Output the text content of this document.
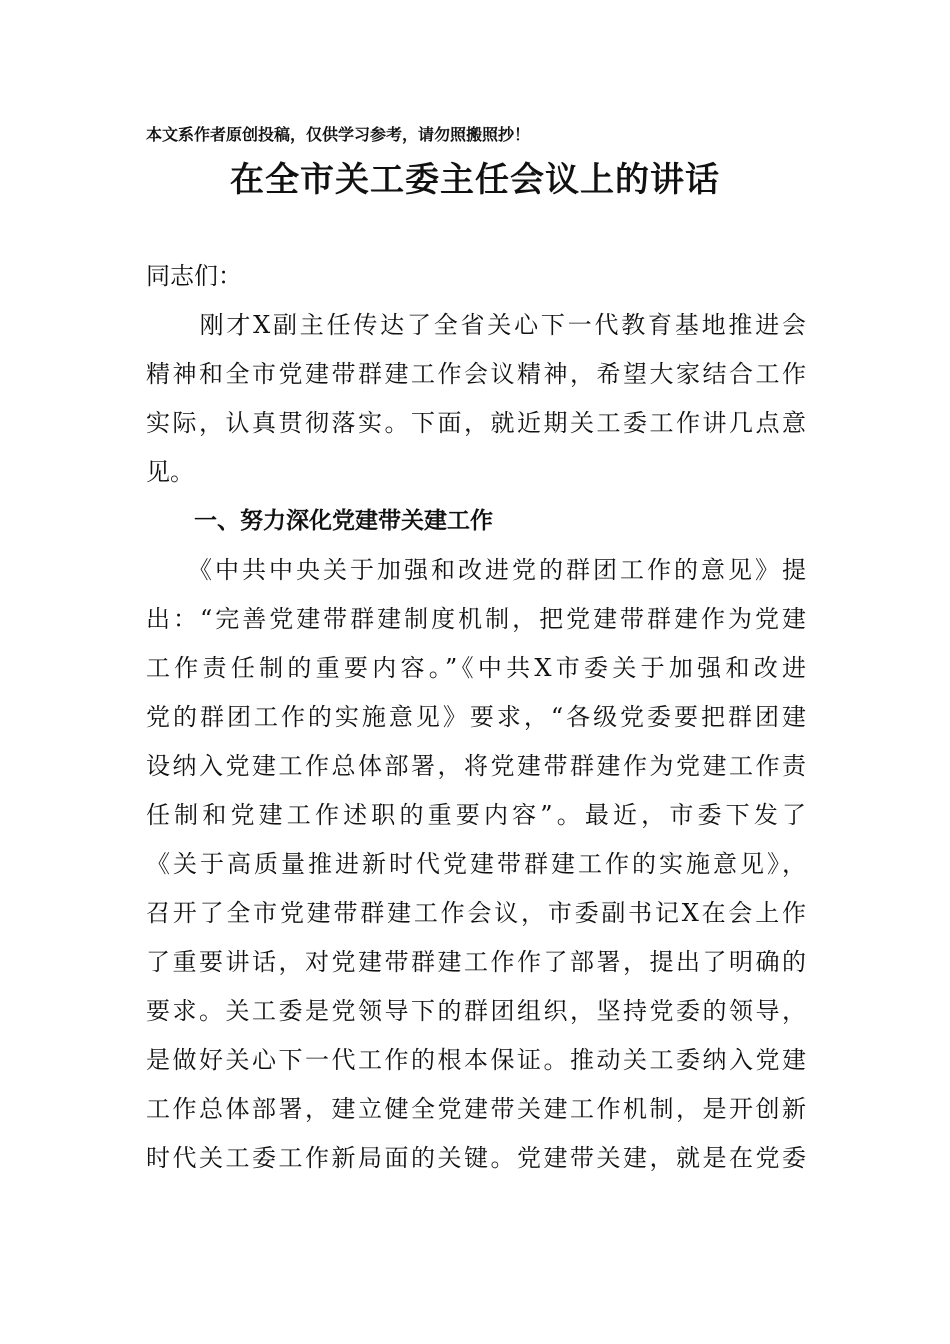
本文系作者原创投稿，仅供学习参考，请勿照搬照抄！
在全市关工委主任会议上的讲话
同志们：
　　刚才X副主任传达了全省关心下一代教育基地推进会
精神和全市党建带群建工作会议精神，希望大家结合工作
实际，认真贯彻落实。下面，就近期关工委工作讲几点意
见。
一、努力深化党建带关建工作
　　《中共中央关于加强和改进党的群团工作的意见》提
出：“完善党建带群建制度机制，把党建带群建作为党建
工作责任制的重要内容。”《中共X市委关于加强和改进
党的群团工作的实施意见》要求，“各级党委要把群团建
设纳入党建工作总体部署，将党建带群建作为党建工作责
任制和党建工作述职的重要内容”。最近，市委下发了
《关于高质量推进新时代党建带群建工作的实施意见》，
召开了全市党建带群建工作会议，市委副书记X在会上作
了重要讲话，对党建带群建工作作了部署，提出了明确的
要求。关工委是党领导下的群团组织，坚持党委的领导，
是做好关心下一代工作的根本保证。推动关工委纳入党建
工作总体部署，建立健全党建带关建工作机制，是开创新
时代关工委工作新局面的关键。党建带关建，就是在党委
